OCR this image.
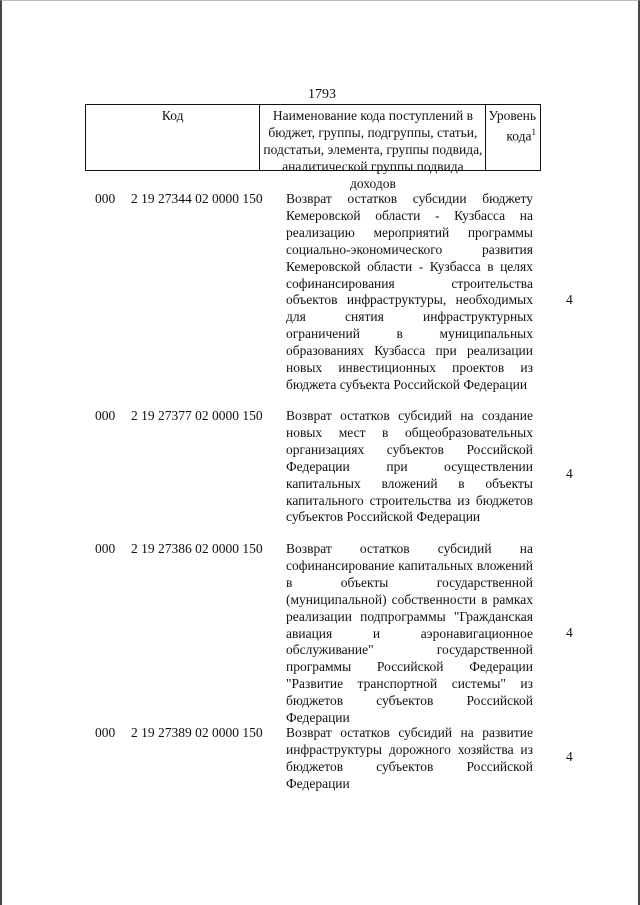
1793
Код	Наименование кода поступлений в бюджет, группы, подгруппы, статьи, подстатьи, элемента, группы подвида, аналитической группы подвида доходов
Уровень кода$^1$
000 2 19 27344 02 0000 150 Возврат остатков субсидии бюджету Кемеровской области - Кузбасса на реализацию мероприятий программы социально-экономического развития Кемеровской области - Кузбасса в целях софинансирования строительства объектов инфраструктуры, необходимых для снятия инфраструктурных ограничений в муниципальных образованиях Кузбасса при реализации новых инвестиционных проектов из бюджета субъекта Российской Федерации
4
000 2 19 27377 02 0000 150 Возврат остатков субсидий на создание новых мест в общеобразовательных организациях субъектов Российской Федерации при осуществлении капитальных вложений в объекты капитального строительства из бюджетов субъектов Российской Федерации
4
000 2 19 27386 02 0000 150 Возврат остатков субсидий на софинансирование капитальных вложений в объекты государственной (муниципальной) собственности в рамках реализации подпрограммы "Гражданская авиация и аэронавигационное обслуживание" государственной программы Российской Федерации "Развитие транспортной системы" из бюджетов субъектов Российской Федерации
4
000 2 19 27389 02 0000 150 Возврат остатков субсидий на развитие инфраструктуры дорожного хозяйства из бюджетов субъектов Российской Федерации
4
